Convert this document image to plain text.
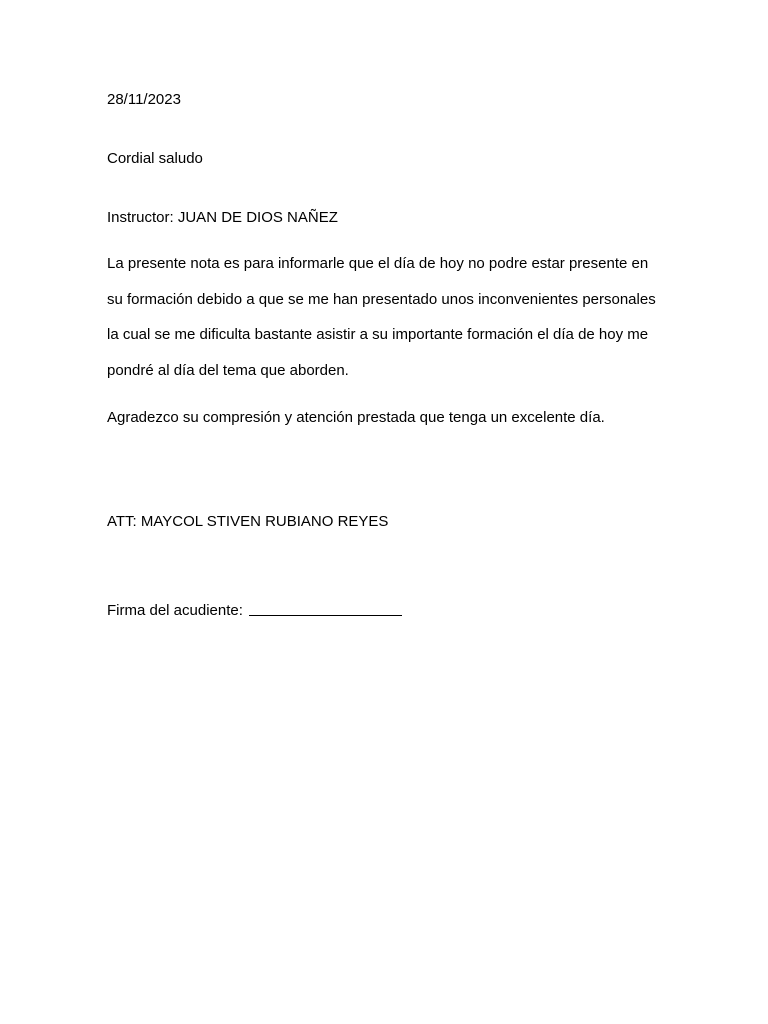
28/11/2023
Cordial saludo
Instructor: JUAN DE DIOS NAÑEZ
La presente nota es para informarle que el día de hoy no podre estar presente en
su formación debido a que se me han presentado unos inconvenientes personales
la cual se me dificulta bastante asistir a su importante formación el día de hoy me
pondré al día del tema que aborden.
Agradezco su compresión y atención prestada que tenga un excelente día.
ATT: MAYCOL STIVEN RUBIANO REYES
Firma del acudiente:
